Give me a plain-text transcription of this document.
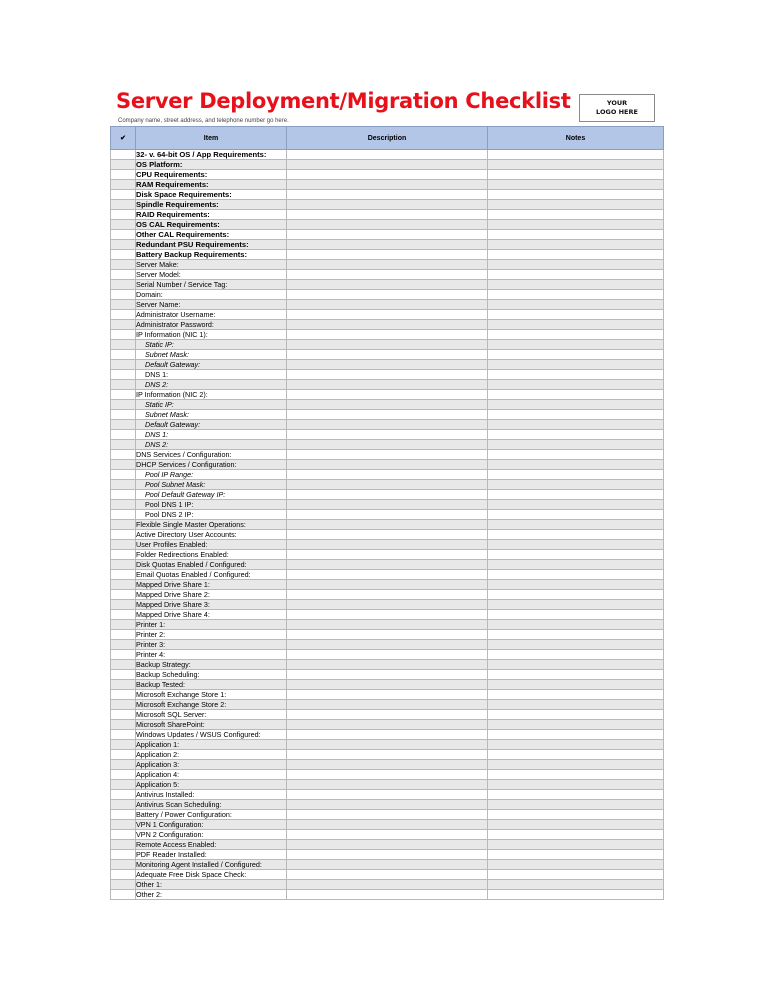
Server Deployment/Migration Checklist
Company name, street address, and telephone number go here.
YOUR
LOGO HERE
✔	Item	Description	Notes
	32- v. 64-bit OS / App Requirements:		
	OS Platform:		
	CPU Requirements:		
	RAM Requirements:		
	Disk Space Requirements:		
	Spindle Requirements:		
	RAID Requirements:		
	OS CAL Requirements:		
	Other CAL Requirements:		
	Redundant PSU Requirements:		
	Battery Backup Requirements:		
	Server Make:		
	Server Model:		
	Serial Number / Service Tag:		
	Domain:		
	Server Name:		
	Administrator Username:		
	Administrator Password:		
	IP Information (NIC 1):		
	Static IP:		
	Subnet Mask:		
	Default Gateway:		
	DNS 1:		
	DNS 2:		
	IP Information (NIC 2):		
	Static IP:		
	Subnet Mask:		
	Default Gateway:		
	DNS 1:		
	DNS 2:		
	DNS Services / Configuration:		
	DHCP Services / Configuration:		
	Pool IP Range:		
	Pool Subnet Mask:		
	Pool Default Gateway IP:		
	Pool DNS 1 IP:		
	Pool DNS 2 IP:		
	Flexible Single Master Operations:		
	Active Directory User Accounts:		
	User Profiles Enabled:		
	Folder Redirections Enabled:		
	Disk Quotas Enabled / Configured:		
	Email Quotas Enabled / Configured:		
	Mapped Drive Share 1:		
	Mapped Drive Share 2:		
	Mapped Drive Share 3:		
	Mapped Drive Share 4:		
	Printer 1:		
	Printer 2:		
	Printer 3:		
	Printer 4:		
	Backup Strategy:		
	Backup Scheduling:		
	Backup Tested:		
	Microsoft Exchange Store 1:		
	Microsoft Exchange Store 2:		
	Microsoft SQL Server:		
	Microsoft SharePoint:		
	Windows Updates / WSUS Configured:		
	Application 1:		
	Application 2:		
	Application 3:		
	Application 4:		
	Application 5:		
	Antivirus Installed:		
	Antivirus Scan Scheduling:		
	Battery / Power Configuration:		
	VPN 1 Configuration:		
	VPN 2 Configuration:		
	Remote Access Enabled:		
	PDF Reader Installed:		
	Monitoring Agent Installed / Configured:		
	Adequate Free Disk Space Check:		
	Other 1:		
	Other 2:		
